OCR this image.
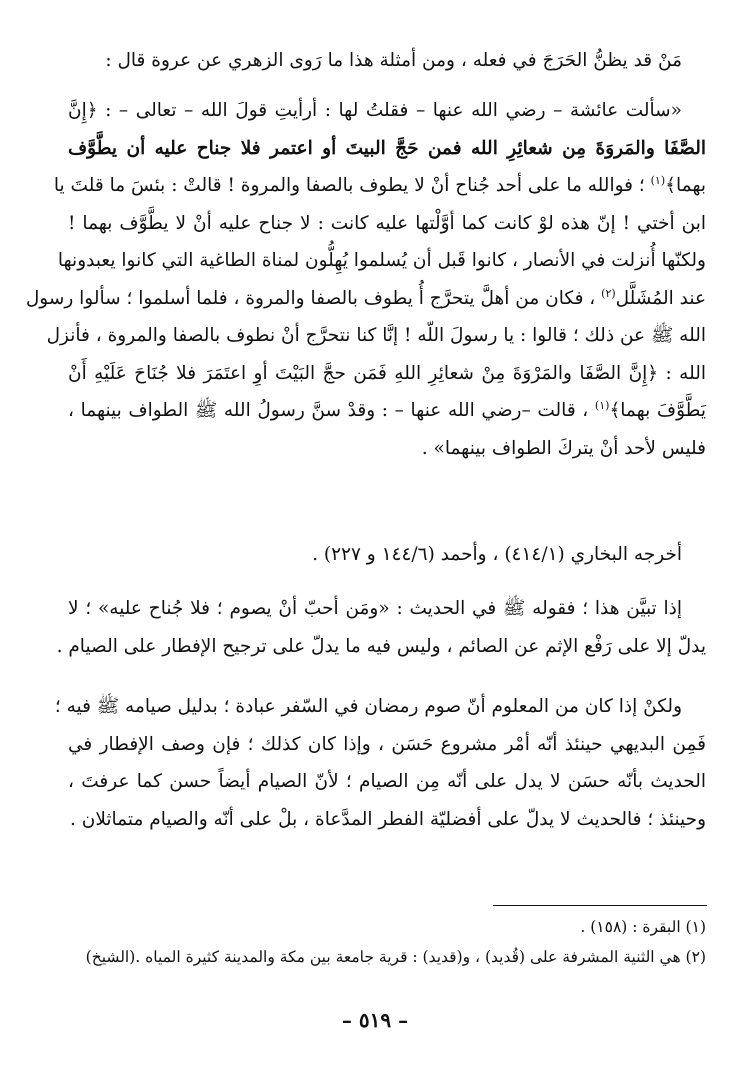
مَنْ قد يظنُّ الحَرَجَ في فعله ، ومن أمثلة هذا ما رَوى الزهري عن عروة قال :
«سألت عائشة – رضي الله عنها – فقلتُ لها : أرأيتِ قولَ الله – تعالى – : ﴿إِنَّ
الصَّفَا والمَروَةَ مِن شعائِرِ الله فمن حَجَّ البيتَ أو اعتمر فلا جناح عليه أن يطَّوَّف
بهما﴾$^{(١)}$ ؛ فوالله ما على أحد جُناح أنْ لا يطوف بالصفا والمروة ! قالتْ : بئسَ ما قلتَ يا
ابن أختي ! إنّ هذه لوْ كانت كما أوَّلْتها عليه كانت : لا جناح عليه أنْ لا يطَّوَّف بهما !
ولكنّها أُنزلت في الأنصار ، كانوا قَبل أن يُسلموا يُهِلُّون لمناة الطاغية التي كانوا يعبدونها
عند المُشَلَّل$^{(٢)}$ ، فكان من أهلَّ يتحرَّج أُ يطوف بالصفا والمروة ، فلما أسلموا ؛ سألوا رسول
الله ﷺ عن ذلك ؛ قالوا : يا رسولَ اللّه ! إنَّا كنا نتحرَّج أنْ نطوف بالصفا والمروة ، فأنزل
الله : ﴿إِنَّ الصَّفَا والمَرْوَةَ مِنْ شعائِرِ اللهِ فَمَن حجَّ البَيْتَ أوِ اعتَمَرَ فلا جُنَاحَ عَلَيْهِ أَنْ
يَطَّوَّفَ بهما﴾$^{(١)}$ ، قالت –رضي الله عنها – : وقدْ سنَّ رسولُ الله ﷺ الطواف بينهما ،
فليس لأحد أنْ يتركَ الطواف بينهما» .
أخرجه البخاري (٤١٤/١) ، وأحمد (١٤٤/٦ و ٢٢٧) .
إذا تبيَّن هذا ؛ فقوله ﷺ في الحديث : «ومَن أحبّ أنْ يصوم ؛ فلا جُناح عليه» ؛ لا
يدلّ إلا على رَفْع الإثم عن الصائم ، وليس فيه ما يدلّ على ترجيح الإفطار على الصيام .
ولكنْ إذا كان من المعلوم أنّ صوم رمضان في السّفر عبادة ؛ بدليل صيامه ﷺ فيه ؛
فَمِن البديهي حينئذ أنّه أمْر مشروع حَسَن ، وإذا كان كذلك ؛ فإن وصف الإفطار في
الحديث بأنّه حسَن لا يدل على أنّه مِن الصيام ؛ لأنّ الصيام أيضاً حسن كما عرفتَ ،
وحينئذ ؛ فالحديث لا يدلّ على أفضليّة الفطر المدَّعاة ، بلْ على أنّه والصيام متماثلان .
(١) البقرة : (١٥٨) .
(٢) هي الثنية المشرفة على (قُديد) ، و(قديد) : قرية جامعة بين مكة والمدينة كثيرة المياه .(الشيخ)
– ٥١٩ –
